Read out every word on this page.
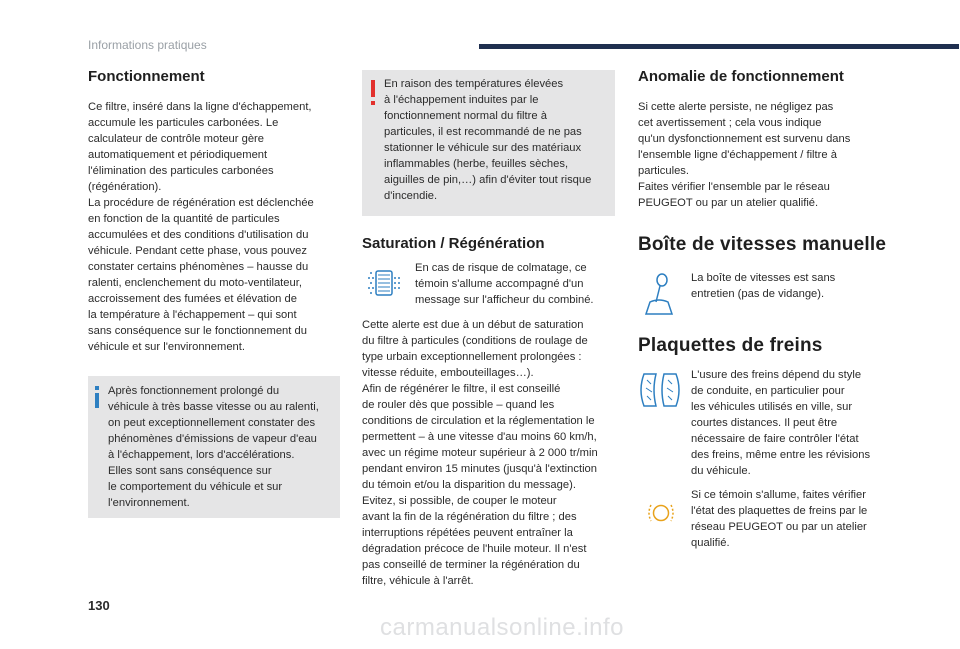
Informations pratiques
Fonctionnement

Ce filtre, inséré dans la ligne d'échappement,
accumule les particules carbonées. Le
calculateur de contrôle moteur gère
automatiquement et périodiquement
l'élimination des particules carbonées
(régénération).
La procédure de régénération est déclenchée
en fonction de la quantité de particules
accumulées et des conditions d'utilisation du
véhicule. Pendant cette phase, vous pouvez
constater certains phénomènes – hausse du
ralenti, enclenchement du moto-ventilateur,
accroissement des fumées et élévation de
la température à l'échappement – qui sont
sans conséquence sur le fonctionnement du
véhicule et sur l'environnement.

Après fonctionnement prolongé du
véhicule à très basse vitesse ou au ralenti,
on peut exceptionnellement constater des
phénomènes d'émissions de vapeur d'eau
à l'échappement, lors d'accélérations.
Elles sont sans conséquence sur
le comportement du véhicule et sur
l'environnement.

En raison des températures élevées
à l'échappement induites par le
fonctionnement normal du filtre à
particules, il est recommandé de ne pas
stationner le véhicule sur des matériaux
inflammables (herbe, feuilles sèches,
aiguilles de pin,…) afin d'éviter tout risque
d'incendie.

Saturation / Régénération

En cas de risque de colmatage, ce
témoin s'allume accompagné d'un
message sur l'afficheur du combiné.

Cette alerte est due à un début de saturation
du filtre à particules (conditions de roulage de
type urbain exceptionnellement prolongées :
vitesse réduite, embouteillages…).
Afin de régénérer le filtre, il est conseillé
de rouler dès que possible – quand les
conditions de circulation et la réglementation le
permettent – à une vitesse d'au moins 60 km/h,
avec un régime moteur supérieur à 2 000 tr/min
pendant environ 15 minutes (jusqu'à l'extinction
du témoin et/ou la disparition du message).
Evitez, si possible, de couper le moteur
avant la fin de la régénération du filtre ; des
interruptions répétées peuvent entraîner la
dégradation précoce de l'huile moteur. Il n'est
pas conseillé de terminer la régénération du
filtre, véhicule à l'arrêt.

Anomalie de fonctionnement

Si cette alerte persiste, ne négligez pas
cet avertissement ; cela vous indique
qu'un dysfonctionnement est survenu dans
l'ensemble ligne d'échappement / filtre à
particules.
Faites vérifier l'ensemble par le réseau
PEUGEOT ou par un atelier qualifié.

Boîte de vitesses manuelle

La boîte de vitesses est sans
entretien (pas de vidange).

Plaquettes de freins

L'usure des freins dépend du style
de conduite, en particulier pour
les véhicules utilisés en ville, sur
courtes distances. Il peut être
nécessaire de faire contrôler l'état
des freins, même entre les révisions
du véhicule.

Si ce témoin s'allume, faites vérifier
l'état des plaquettes de freins par le
réseau PEUGEOT ou par un atelier
qualifié.

130
carmanualsonline.info
